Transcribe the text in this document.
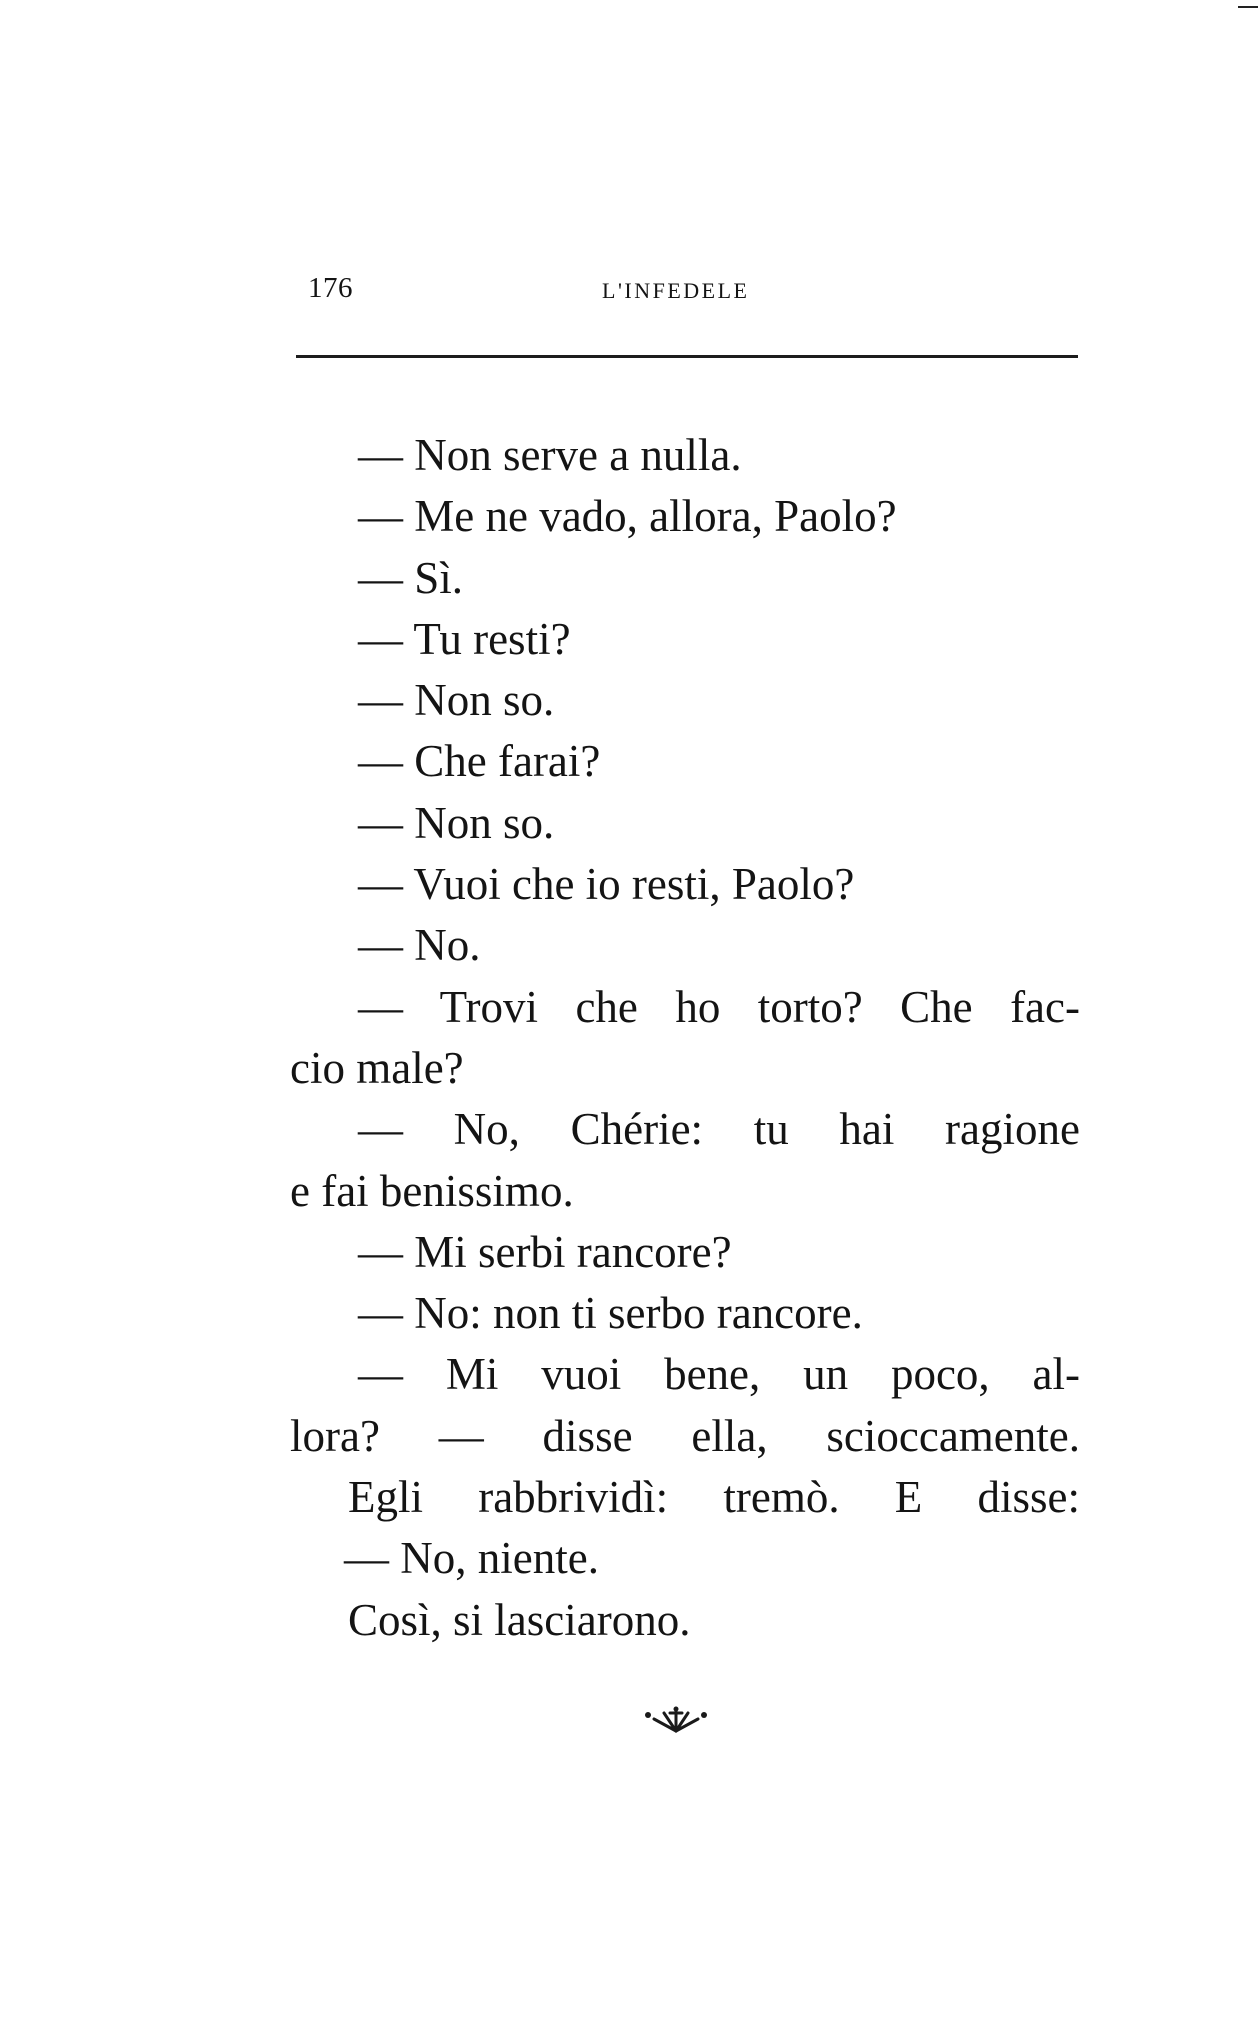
176	L'INFEDELE
— Non serve a nulla.
— Me ne vado, allora, Paolo?
— Sì.
— Tu resti?
— Non so.
— Che farai?
— Non so.
— Vuoi che io resti, Paolo?
— No.
— Trovi che ho torto? Che fac-
cio male?
— No, Chérie: tu hai ragione
e fai benissimo.
— Mi serbi rancore?
— No: non ti serbo rancore.
— Mi vuoi bene, un poco, al-
lora? — disse ella, scioccamente.
Egli rabbrividì: tremò. E disse:
— No, niente.
Così, si lasciarono.
